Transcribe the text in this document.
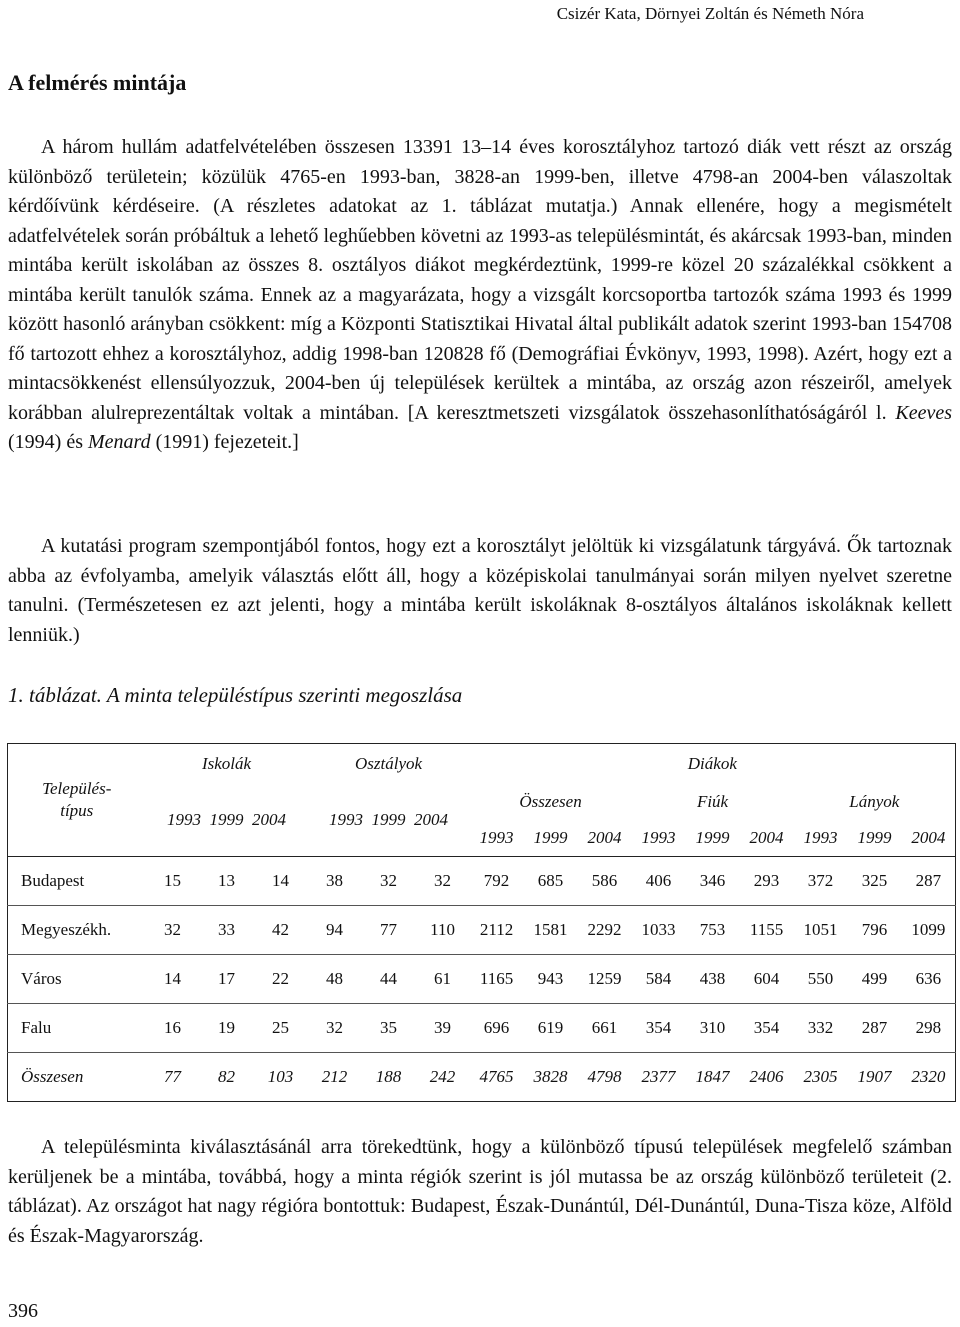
Csizér Kata, Dörnyei Zoltán és Németh Nóra
A felmérés mintája

A három hullám adatfelvételében összesen 13391 13–14 éves korosztályhoz tartozó diák vett részt az ország különböző területein; közülük 4765-en 1993-ban, 3828-an 1999-ben, illetve 4798-an 2004-ben válaszoltak kérdőívünk kérdéseire. (A részletes adatokat az 1. táblázat mutatja.) Annak ellenére, hogy a megismételt adatfelvételek során próbáltuk a lehető leghűebben követni az 1993-as településmintát, és akárcsak 1993-ban, minden mintába került iskolában az összes 8. osztályos diákot megkérdeztünk, 1999-re közel 20 százalékkal csökkent a mintába került tanulók száma. Ennek az a magyarázata, hogy a vizsgált korcsoportba tartozók száma 1993 és 1999 között hasonló arányban csökkent: míg a Központi Statisztikai Hivatal által publikált adatok szerint 1993-ban 154708 fő tartozott ehhez a korosztályhoz, addig 1998-ban 120828 fő (Demográfiai Évkönyv, 1993, 1998). Azért, hogy ezt a mintacsökkenést ellensúlyozzuk, 2004-ben új települések kerültek a mintába, az ország azon részeiről, amelyek korábban alulreprezentáltak voltak a mintában. [A keresztmetszeti vizsgálatok összehasonlíthatóságáról l. Keeves (1994) és Menard (1991) fejezeteit.]

A kutatási program szempontjából fontos, hogy ezt a korosztályt jelöltük ki vizsgálatunk tárgyává. Ők tartoznak abba az évfolyamba, amelyik választás előtt áll, hogy a középiskolai tanulmányai során milyen nyelvet szeretne tanulni. (Természetesen ez azt jelenti, hogy a mintába került iskoláknak 8-osztályos általános iskoláknak kellett lenniük.)

1. táblázat. A minta településtípus szerinti megoszlása
Település-
típus	Iskolák			Osztályok			Diákok								
	1993 1999 2004			1993 1999 2004			Összesen			Fiúk			Lányok		
							1993	1999	2004	1993	1999	2004	1993	1999	2004
Budapest	15	13	14	38	32	32	792	685	586	406	346	293	372	325	287
Megyeszékh.	32	33	42	94	77	110	2112	1581	2292	1033	753	1155	1051	796	1099
Város	14	17	22	48	44	61	1165	943	1259	584	438	604	550	499	636
Falu	16	19	25	32	35	39	696	619	661	354	310	354	332	287	298
Összesen	77	82	103	212	188	242	4765	3828	4798	2377	1847	2406	2305	1907	2320

A településminta kiválasztásánál arra törekedtünk, hogy a különböző típusú települések megfelelő számban kerüljenek be a mintába, továbbá, hogy a minta régiók szerint is jól mutassa be az ország különböző területeit (2. táblázat). Az országot hat nagy régióra bontottuk: Budapest, Észak-Dunántúl, Dél-Dunántúl, Duna-Tisza köze, Alföld és Észak-Magyarország.

396
